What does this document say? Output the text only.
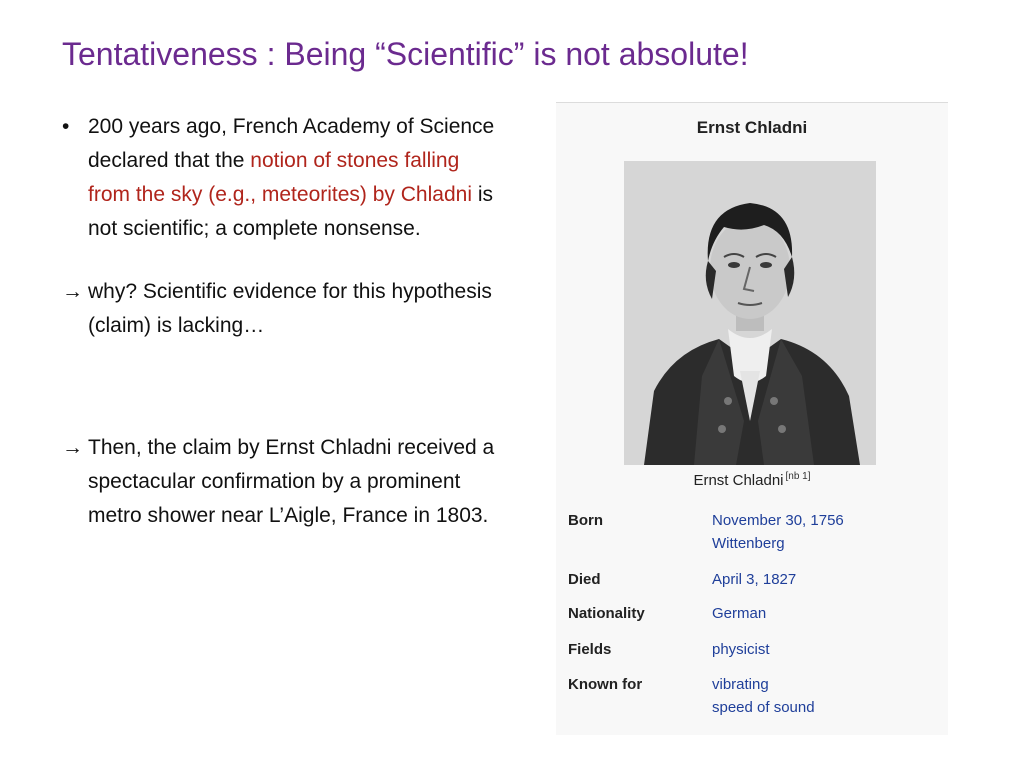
Tentativeness : Being “Scientific” is not absolute!
• 200 years ago, French Academy of Science declared that the notion of stones falling from the sky (e.g., meteorites) by Chladni is not scientific; a complete nonsense.
→ why? Scientific evidence for this hypothesis (claim) is lacking…
→ Then, the claim by Ernst Chladni received a spectacular confirmation by a prominent metro shower near L’Aigle, France in 1803.
Ernst Chladni
Ernst Chladni [nb 1]
Born	November 30, 1756
Wittenberg
Died	April 3, 1827
Nationality	German
Fields	physicist
Known for	vibrating
speed of sound
